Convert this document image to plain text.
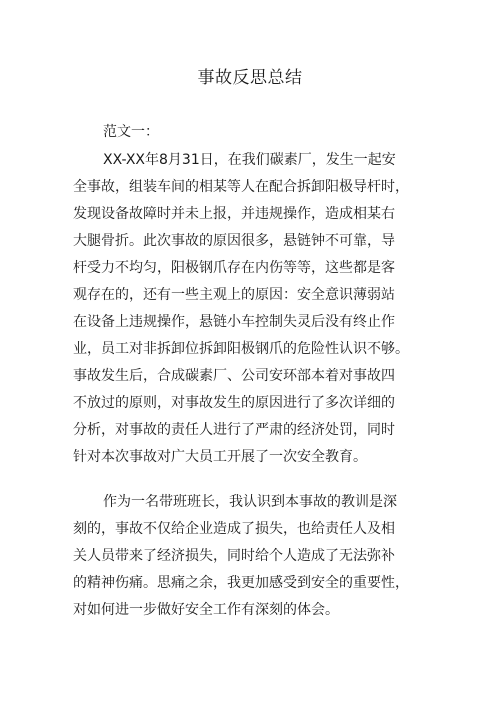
事故反思总结
范文一：
XX-XX年8月31日，在我们碳素厂，发生一起安
全事故，组装车间的相某等人在配合拆卸阳极导杆时，
发现设备故障时并未上报，并违规操作，造成相某右
大腿骨折。此次事故的原因很多，悬链钟不可靠，导
杆受力不均匀，阳极钢爪存在内伤等等，这些都是客
观存在的，还有一些主观上的原因：安全意识薄弱站
在设备上违规操作，悬链小车控制失灵后没有终止作
业，员工对非拆卸位拆卸阳极钢爪的危险性认识不够。
事故发生后，合成碳素厂、公司安环部本着对事故四
不放过的原则，对事故发生的原因进行了多次详细的
分析，对事故的责任人进行了严肃的经济处罚，同时
针对本次事故对广大员工开展了一次安全教育。
作为一名带班班长，我认识到本事故的教训是深
刻的，事故不仅给企业造成了损失，也给责任人及相
关人员带来了经济损失，同时给个人造成了无法弥补
的精神伤痛。思痛之余，我更加感受到安全的重要性，
对如何进一步做好安全工作有深刻的体会。
